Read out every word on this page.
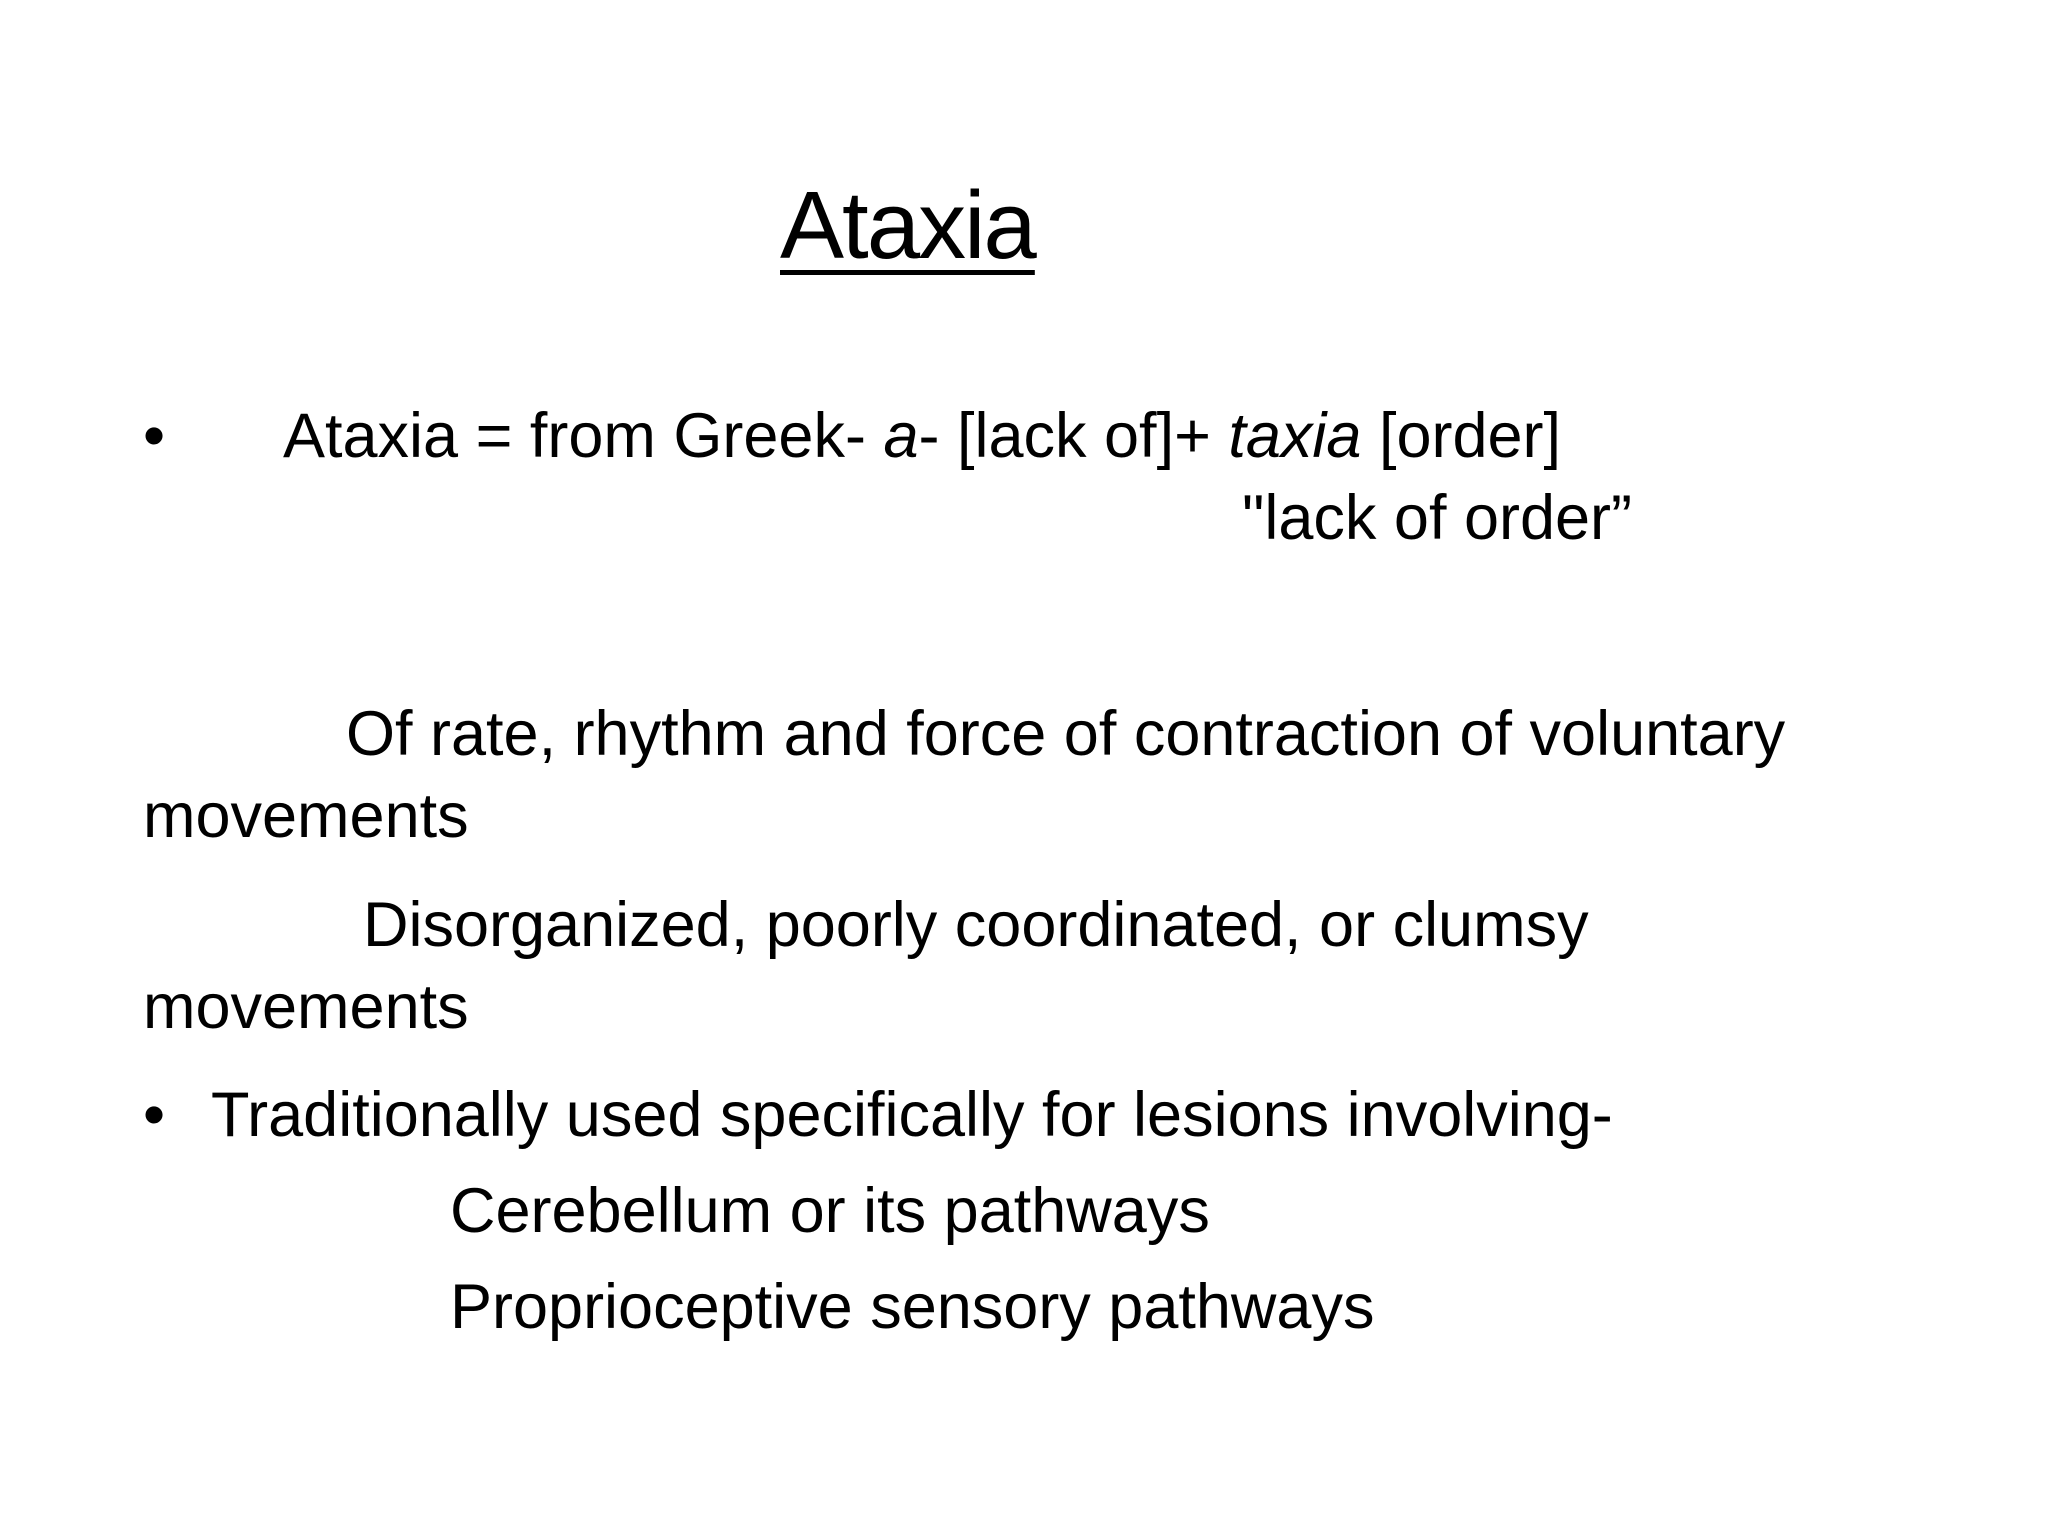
Ataxia
• Ataxia = from Greek- a- [lack of]+ taxia [order]
"lack of order”
Of rate, rhythm and force of contraction of voluntary
movements
Disorganized, poorly coordinated, or clumsy
movements
• Traditionally used specifically for lesions involving-
Cerebellum or its pathways
Proprioceptive sensory pathways
